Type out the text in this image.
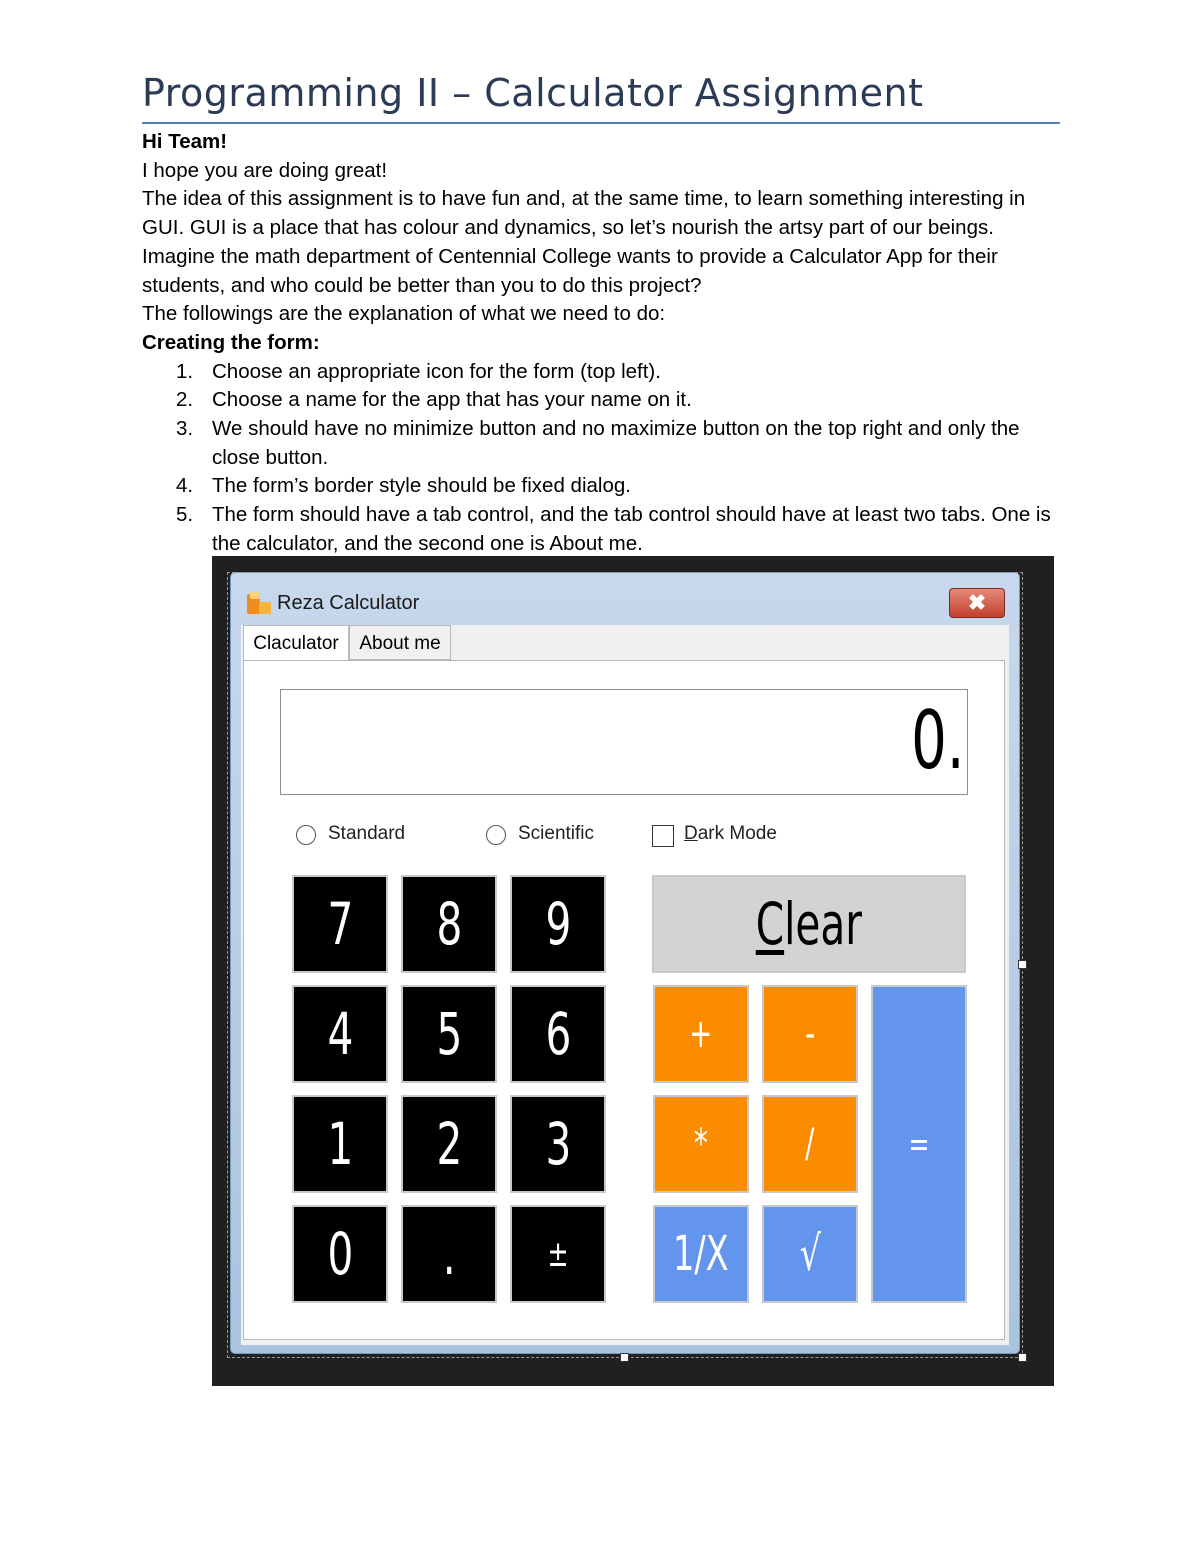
Programming II – Calculator Assignment

Hi Team!

I hope you are doing great!

The idea of this assignment is to have fun and, at the same time, to learn something interesting in GUI. GUI is a place that has colour and dynamics, so let’s nourish the artsy part of our beings. Imagine the math department of Centennial College wants to provide a Calculator App for their students, and who could be better than you to do this project?

The followings are the explanation of what we need to do:

Creating the form:

1. Choose an appropriate icon for the form (top left).
2. Choose a name for the app that has your name on it.
3. We should have no minimize button and no maximize button on the top right and only the close button.
4. The form’s border style should be fixed dialog.
5. The form should have a tab control, and the tab control should have at least two tabs. One is the calculator, and the second one is About me.
Reza Calculator	✖
Claculator	About me
0.
Standard	Scientific	Dark Mode
7 8 9
4 5 6
1 2 3
0 .	±
Clear
+ -
* /
1/X √
=
